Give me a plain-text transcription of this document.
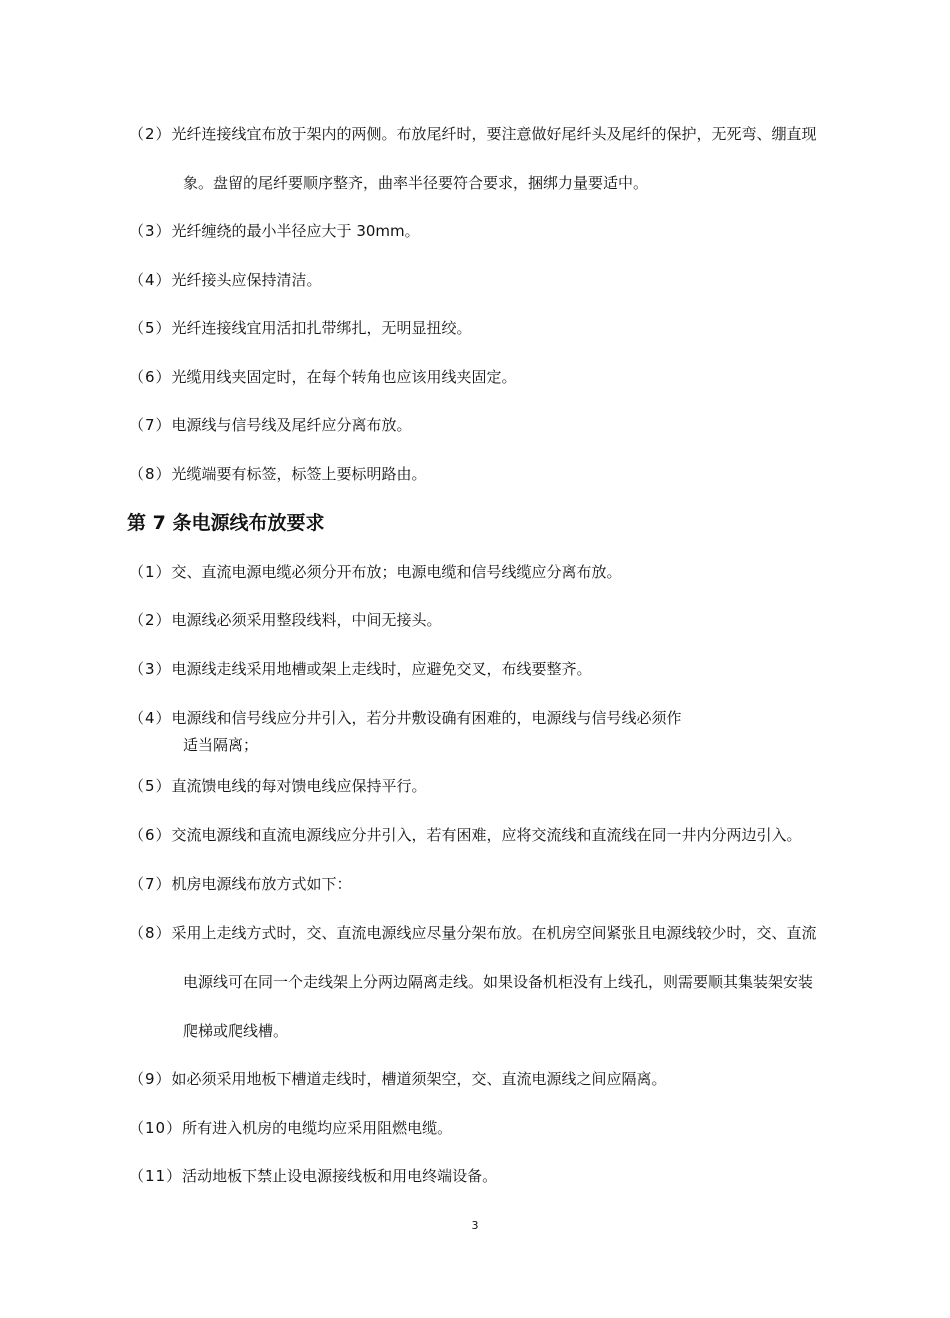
（2）光纤连接线宜布放于架内的两侧。布放尾纤时，要注意做好尾纤头及尾纤的保护，无死弯、绷直现
象。盘留的尾纤要顺序整齐，曲率半径要符合要求，捆绑力量要适中。
（3）光纤缠绕的最小半径应大于 30mm。
（4）光纤接头应保持清洁。
（5）光纤连接线宜用活扣扎带绑扎，无明显扭绞。
（6）光缆用线夹固定时，在每个转角也应该用线夹固定。
（7）电源线与信号线及尾纤应分离布放。
（8）光缆端要有标签，标签上要标明路由。
第 7 条电源线布放要求
（1）交、直流电源电缆必须分开布放；电源电缆和信号线缆应分离布放。
（2）电源线必须采用整段线料，中间无接头。
（3）电源线走线采用地槽或架上走线时，应避免交叉，布线要整齐。
（4）电源线和信号线应分井引入，若分井敷设确有困难的，电源线与信号线必须作
适当隔离；
（5）直流馈电线的每对馈电线应保持平行。
（6）交流电源线和直流电源线应分井引入，若有困难，应将交流线和直流线在同一井内分两边引入。
（7）机房电源线布放方式如下：
（8）采用上走线方式时，交、直流电源线应尽量分架布放。在机房空间紧张且电源线较少时，交、直流
电源线可在同一个走线架上分两边隔离走线。如果设备机柜没有上线孔，则需要顺其集装架安装
爬梯或爬线槽。
（9）如必须采用地板下槽道走线时，槽道须架空，交、直流电源线之间应隔离。
（10）所有进入机房的电缆均应采用阻燃电缆。
（11）活动地板下禁止设电源接线板和用电终端设备。
3
